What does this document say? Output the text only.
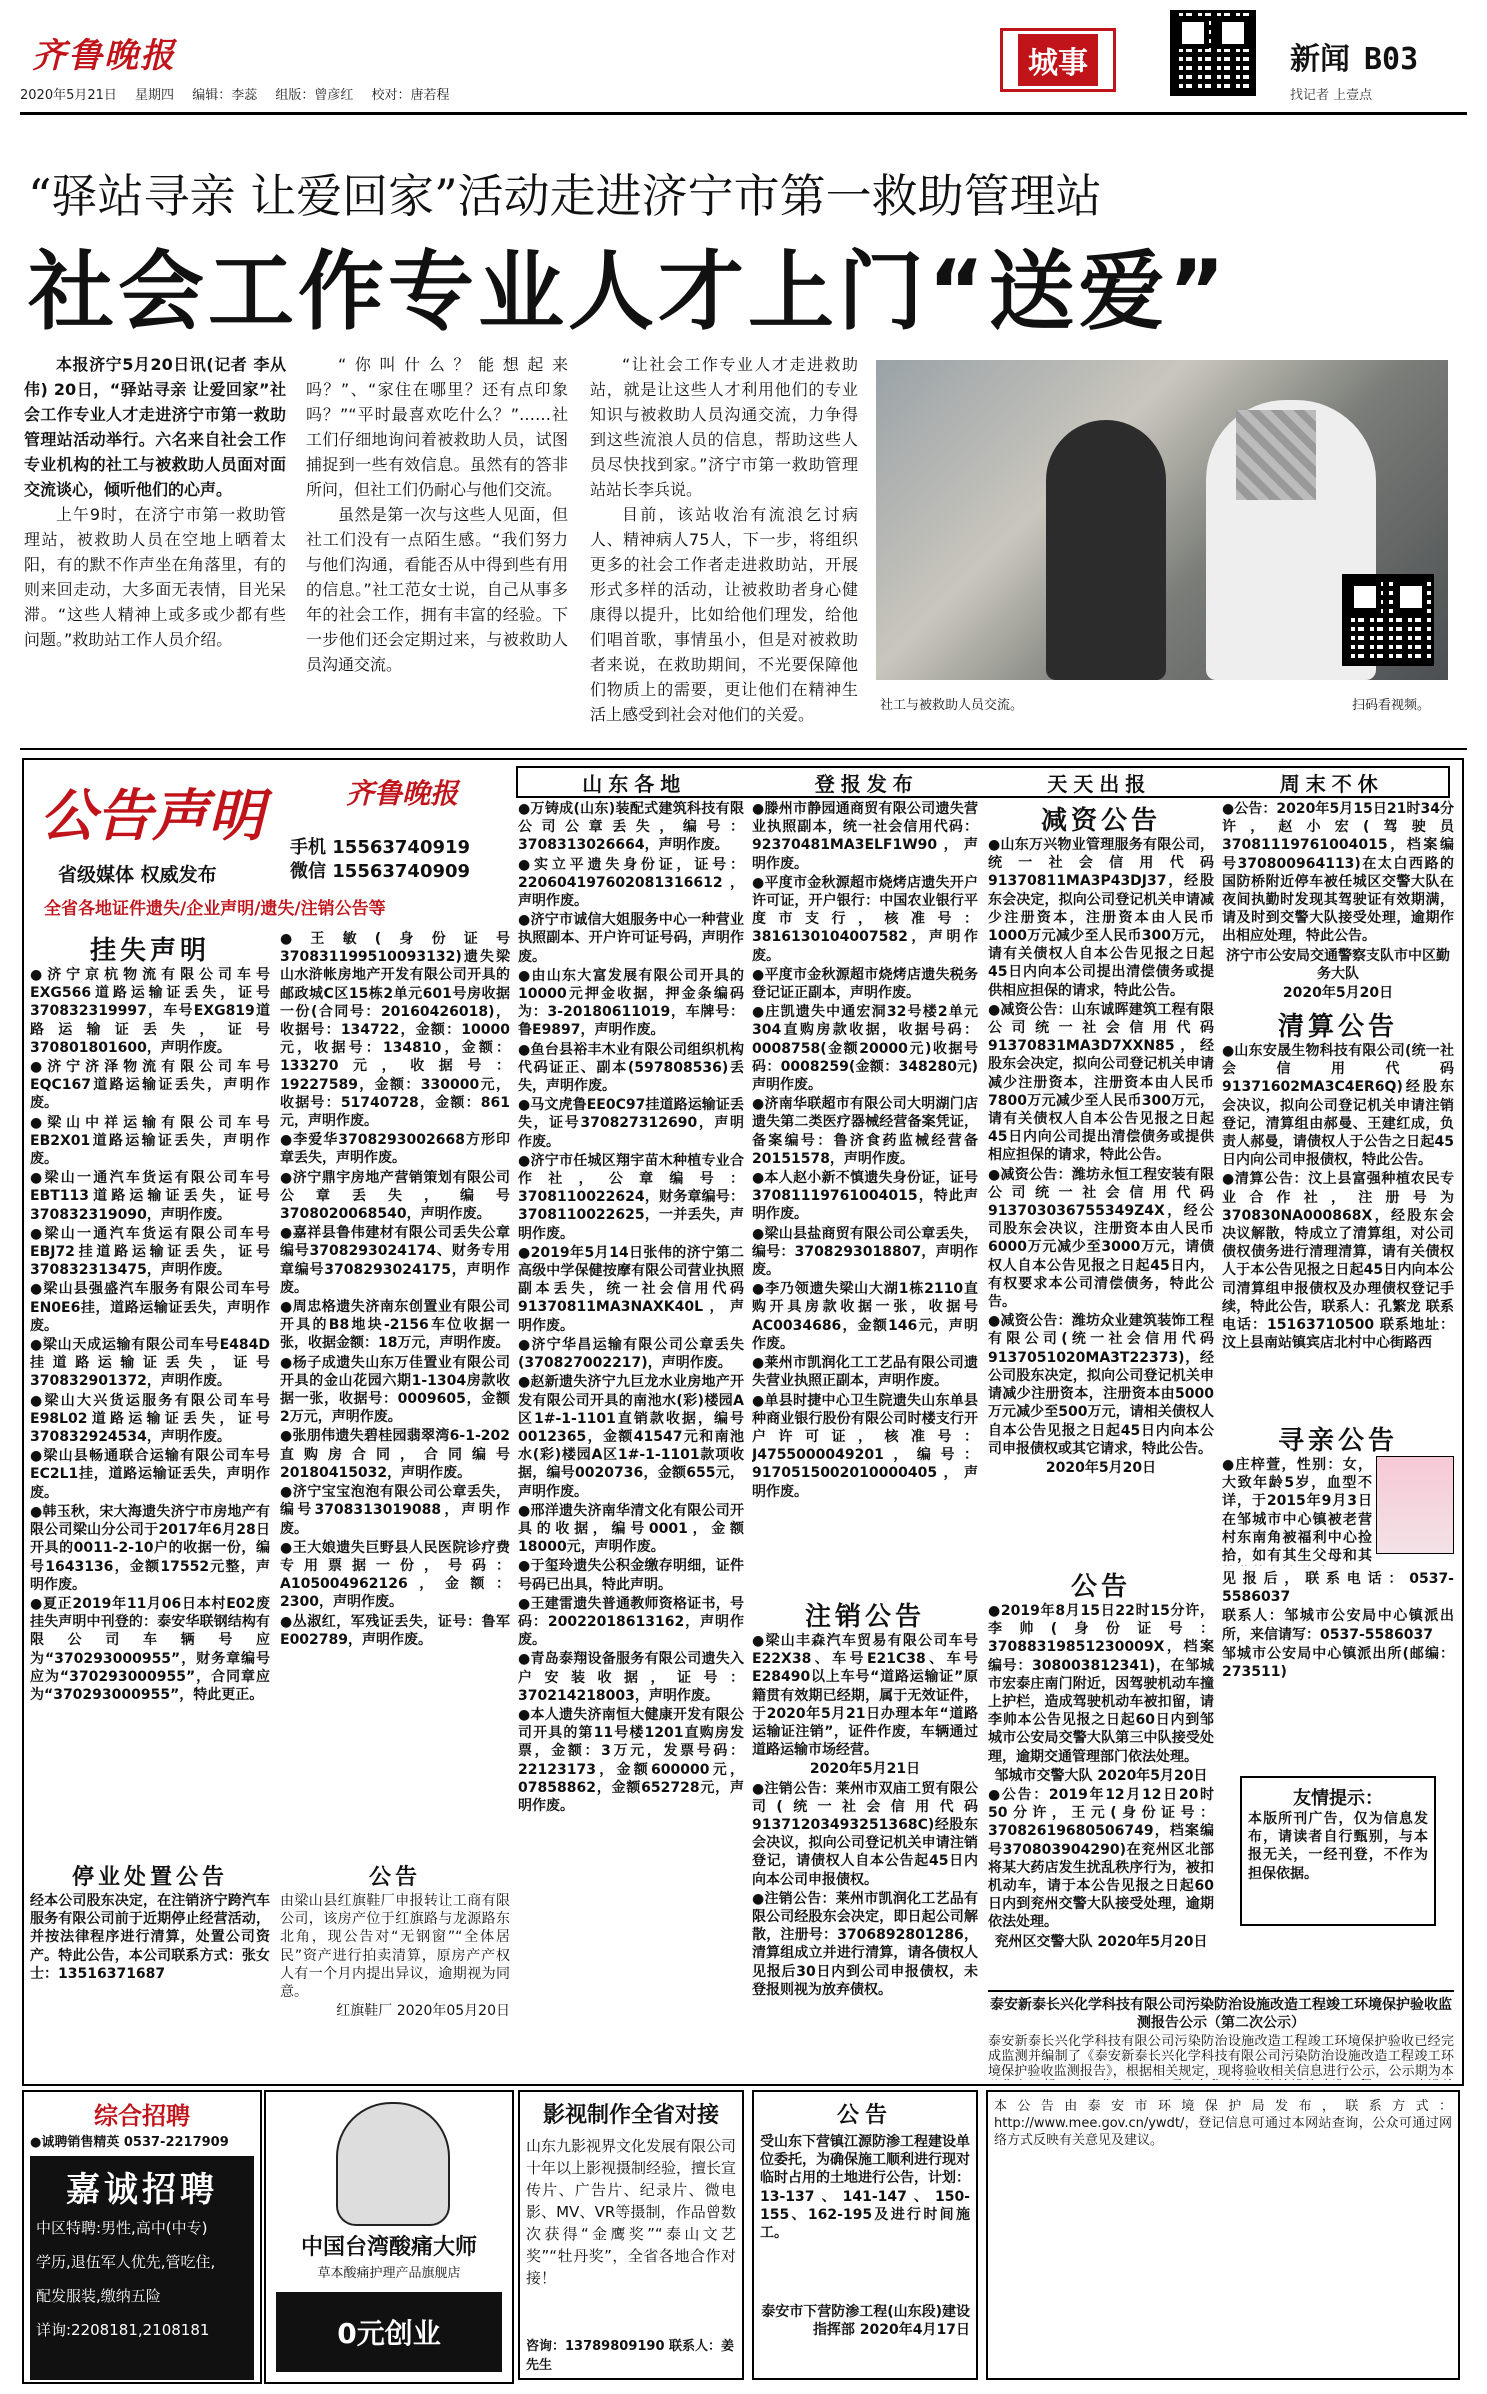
齐鲁晚报
2020年5月21日 星期四 编辑：李蕊 组版：曾彦红 校对：唐若程
城事	新闻 B03
找记者 上壹点
“驿站寻亲 让爱回家”活动走进济宁市第一救助管理站
社会工作专业人才上门“送爱”

本报济宁5月20日讯(记者 李从伟) 20日，“驿站寻亲 让爱回家”社会工作专业人才走进济宁市第一救助管理站活动举行。六名来自社会工作专业机构的社工与被救助人员面对面交流谈心，倾听他们的心声。

上午9时，在济宁市第一救助管理站，被救助人员在空地上晒着太阳，有的默不作声坐在角落里，有的则来回走动，大多面无表情，目光呆滞。“这些人精神上或多或少都有些问题。”救助站工作人员介绍。

“你叫什么？能想起来吗？”、“家住在哪里？还有点印象吗？”“平时最喜欢吃什么？”……社工们仔细地询问着被救助人员，试图捕捉到一些有效信息。虽然有的答非所问，但社工们仍耐心与他们交流。

虽然是第一次与这些人见面，但社工们没有一点陌生感。“我们努力与他们沟通，看能否从中得到些有用的信息。”社工范女士说，自己从事多年的社会工作，拥有丰富的经验。下一步他们还会定期过来，与被救助人员沟通交流。

“让社会工作专业人才走进救助站，就是让这些人才利用他们的专业知识与被救助人员沟通交流，力争得到这些流浪人员的信息，帮助这些人员尽快找到家。”济宁市第一救助管理站站长李兵说。

目前，该站收治有流浪乞讨病人、精神病人75人，下一步，将组织更多的社会工作者走进救助站，开展形式多样的活动，让被救助者身心健康得以提升，比如给他们理发，给他们唱首歌，事情虽小，但是对被救助者来说，在救助期间，不光要保障他们物质上的需要，更让他们在精神生活上感受到社会对他们的关爱。	社工与被救助人员交流。	扫码看视频。
公告声明	齐鲁晚报
手机 15563740919
微信 15563740909
省级媒体 权威发布
全省各地证件遗失/企业声明/遗失/注销公告等
山东各地	登报发布	天天出报	周末不休
挂失声明

●济宁京杭物流有限公司车号EXG566道路运输证丢失，证号370832319997，车号EXG819道路运输证丢失，证号370801801600，声明作废。

●济宁济泽物流有限公司车号EQC167道路运输证丢失，声明作废。

●梁山中祥运输有限公司车号EB2X01道路运输证丢失，声明作废。

●梁山一通汽车货运有限公司车号EBT113道路运输证丢失，证号370832319090，声明作废。

●梁山一通汽车货运有限公司车号EBJ72挂道路运输证丢失，证号370832313475，声明作废。

●梁山县强盛汽车服务有限公司车号EN0E6挂，道路运输证丢失，声明作废。

●梁山天成运输有限公司车号E484D挂道路运输证丢失，证号370832901372，声明作废。

●梁山大兴货运服务有限公司车号E98L02道路运输证丢失，证号370832924534，声明作废。

●梁山县畅通联合运输有限公司车号EC2L1挂，道路运输证丢失，声明作废。

●韩玉秋，宋大海遗失济宁市房地产有限公司梁山分公司于2017年6月28日开具的0011-2-10户的收据一份，编号1643136，金额17552元整，声明作废。

●夏正2019年11月06日本村E02废挂失声明中刊登的：泰安华联钢结构有限公司车辆号应为“370293000955”，财务章编号应为“370293000955”，合同章应为“370293000955”，特此更正。

停业处置公告

经本公司股东决定，在注销济宁跨汽车服务有限公司前于近期停止经营活动，并按法律程序进行清算，处置公司资产。特此公告，本公司联系方式：张女士：13516371687

●王敏(身份证号370831199510093132)遗失梁山水浒帐房地产开发有限公司开具的邮政城C区15栋2单元601号房收据一份(合同号：20160426018)，收据号：134722，金额：10000元，收据号：134810，金额：133270元，收据号：19227589，金额：330000元，收据号：51740728，金额：861元，声明作废。

●李爱华3708293002668方形印章丢失，声明作废。

●济宁鼎宇房地产营销策划有限公司公章丢失，编号3708020068540，声明作废。

●嘉祥县鲁伟建材有限公司丢失公章编号3708293024174、财务专用章编号3708293024175，声明作废。

●周忠格遗失济南东创置业有限公司开具的B8地块-2156车位收据一张，收据金额：18万元，声明作废。

●杨子成遗失山东万佳置业有限公司开具的金山花园六期1-1304房款收据一张，收据号：0009605，金额2万元，声明作废。

●张朋伟遗失碧桂园翡翠湾6-1-202直购房合同，合同编号20180415032，声明作废。

●济宁宝宝泡泡有限公司公章丢失，编号3708313019088，声明作废。

●王大娘遗失巨野县人民医院诊疗费专用票据一份，号码：A105004962126，金额：2300，声明作废。

●丛淑红，军残证丢失，证号：鲁军E002789，声明作废。

公告

由梁山县红旗鞋厂申报转让工商有限公司，该房产位于红旗路与龙源路东北角，现公告对“无钢窗”“全体居民”资产进行拍卖清算，原房产产权人有一个月内提出异议，逾期视为同意。

红旗鞋厂 2020年05月20日

●万铸成(山东)装配式建筑科技有限公司公章丢失，编号：3708313026664，声明作废。

●实立平遗失身份证，证号：220604197602081316612，声明作废。

●济宁市诚信大姐服务中心一种营业执照副本、开户许可证号码，声明作废。

●由山东大富发展有限公司开具的10000元押金收据，押金条编码为：3-20180611019，车牌号：鲁E9897，声明作废。

●鱼台县裕丰木业有限公司组织机构代码证正、副本(597808536)丢失，声明作废。

●马文虎鲁EE0C97挂道路运输证丢失，证号370827312690，声明作废。

●济宁市任城区翔宇苗木种植专业合作社，公章编号：3708110022624，财务章编号：3708110022625，一并丢失，声明作废。

●2019年5月14日张伟的济宁第二高级中学保健按摩有限公司营业执照副本丢失，统一社会信用代码91370811MA3NAXK40L，声明作废。

●济宁华昌运输有限公司公章丢失(370827002217)，声明作废。

●赵新遗失济宁九巨龙水业房地产开发有限公司开具的南池水(彩)楼园A区1#-1-1101直销款收据，编号0012365，金额41547元和南池水(彩)楼园A区1#-1-1101款项收据，编号0020736，金额655元，声明作废。

●邢洋遗失济南华清文化有限公司开具的收据，编号0001，金额18000元，声明作废。

●于玺玲遗失公积金缴存明细，证件号码已出具，特此声明。

●王建雷遗失普通教师资格证书，号码：20022018613162，声明作废。

●青岛泰翔设备服务有限公司遗失入户安装收据，证号：370214218003，声明作废。

●本人遗失济南恒大健康开发有限公司开具的第11号楼1201直购房发票，金额：3万元，发票号码：22123173，金额600000元，07858862，金额652728元，声明作废。

●滕州市静园通商贸有限公司遗失营业执照副本，统一社会信用代码：92370481MA3ELF1W90，声明作废。

●平度市金秋源超市烧烤店遗失开户许可证，开户银行：中国农业银行平度市支行，核准号：3816130104007582，声明作废。

●平度市金秋源超市烧烤店遗失税务登记证正副本，声明作废。

●庄凯遗失中通宏洞32号楼2单元304直购房款收据，收据号码：0008758(金额20000元)收据号码：0008259(金额：348280元)声明作废。

●济南华联超市有限公司大明湖门店遗失第二类医疗器械经营备案凭证，备案编号：鲁济食药监械经营备20151578，声明作废。

●本人赵小新不慎遗失身份证，证号37081119761004015，特此声明作废。

●梁山县盐商贸有限公司公章丢失，编号：3708293018807，声明作废。

●李乃领遗失梁山大湖1栋2110直购开具房款收据一张，收据号AC0034686，金额146元，声明作废。

●莱州市凯润化工工艺品有限公司遗失营业执照正副本，声明作废。

●单县时捷中心卫生院遗失山东单县种商业银行股份有限公司时楼支行开户许可证，核准号：J4755000049201，编号：9170515002010000405，声明作废。

注销公告

●梁山丰森汽车贸易有限公司车号E22X38、车号E21C38、车号E28490以上车号“道路运输证”原籍贯有效期已经期，属于无效证件，于2020年5月21日办理本年“道路运输证注销”，证件作废，车辆通过道路运输市场经营。

2020年5月21日

●注销公告：莱州市双庙工贸有限公司(统一社会信用代码91371203493251368C)经股东会决议，拟向公司登记机关申请注销登记，请债权人自本公告起45日内向本公司申报债权。

●注销公告：莱州市凯润化工艺品有限公司经股东会决定，即日起公司解散，注册号：3706892801286，清算组成立并进行清算，请各债权人见报后30日内到公司申报债权，未登报则视为放弃债权。

减资公告

●山东万兴物业管理服务有限公司，统一社会信用代码91370811MA3P43DJ37，经股东会决定，拟向公司登记机关申请减少注册资本，注册资本由人民币1000万元减少至人民币300万元，请有关债权人自本公告见报之日起45日内向本公司提出清偿债务或提供相应担保的请求，特此公告。

●减资公告：山东诚晖建筑工程有限公司统一社会信用代码91370831MA3D7XXN85，经股东会决定，拟向公司登记机关申请减少注册资本，注册资本由人民币7800万元减少至人民币300万元，请有关债权人自本公告见报之日起45日内向公司提出清偿债务或提供相应担保的请求，特此公告。

●减资公告：潍坊永恒工程安装有限公司统一社会信用代码913703036755349Z4X，经公司股东会决议，注册资本由人民币6000万元减少至3000万元，请债权人自本公告见报之日起45日内，有权要求本公司清偿债务，特此公告。

●减资公告：潍坊众业建筑装饰工程有限公司(统一社会信用代码9137051020MA3T22373)，经公司股东决定，拟向公司登记机关申请减少注册资本，注册资本由5000万元减少至500万元，请相关债权人自本公告见报之日起45日内向本公司申报债权或其它请求，特此公告。

2020年5月20日

公告

●2019年8月15日22时15分许，李帅(身份证号：37088319851230009X，档案编号：308003812341)，在邹城市宏泰庄南门附近，因驾驶机动车撞上护栏，造成驾驶机动车被扣留，请李帅本公告见报之日起60日内到邹城市公安局交警大队第三中队接受处理，逾期交通管理部门依法处理。

邹城市交警大队 2020年5月20日

●公告：2019年12月12日20时50分许，王元(身份证号：37082619680506749，档案编号370803904290)在兖州区北部将某大药店发生扰乱秩序行为，被扣机动车，请于本公告见报之日起60日内到兖州交警大队接受处理，逾期依法处理。

兖州区交警大队 2020年5月20日

●公告：2020年5月15日21时34分许，赵小宏(驾驶员37081119761004015，档案编号370800964113)在太白西路的国防桥附近停车被任城区交警大队在夜间执勤时发现其驾驶证有效期满，请及时到交警大队接受处理，逾期作出相应处理，特此公告。

济宁市公安局交通警察支队市中区勤务大队

2020年5月20日

清算公告

●山东安晟生物科技有限公司(统一社会信用代码91371602MA3C4ER6Q)经股东会决议，拟向公司登记机关申请注销登记，清算组由郝曼、王建红成，负责人郝曼，请债权人于公告之日起45日内向公司申报债权，特此公告。

●清算公告：汶上县富强种植农民专业合作社，注册号为370830NA000868X，经股东会决议解散，特成立了清算组，对公司债权债务进行清理清算，请有关债权人于本公告见报之日起45日内向本公司清算组申报债权及办理债权登记手续，特此公告，联系人：孔繁龙 联系电话：15163710500 联系地址：汶上县南站镇宾店北村中心街路西

寻亲公告

●庄梓萱，性别：女，大致年龄5岁，血型不详，于2015年9月3日在邹城市中心镇被老营村东南角被福利中心捡拾，如有其生父母和其

见报后，联系电话：0537-5586037

联系人：邹城市公安局中心镇派出所，来信请写：0537-5586037

邹城市公安局中心镇派出所(邮编：273511)

友情提示：
本版所刊广告，仅为信息发布，请读者自行甄别，与本报无关，一经刊登，不作为担保依据。
泰安新泰长兴化学科技有限公司污染防治设施改造工程竣工环境保护验收监测报告公示（第二次公示）
泰安新泰长兴化学科技有限公司污染防治设施改造工程竣工环境保护验收已经完成监测并编制了《泰安新泰长兴化学科技有限公司污染防治设施改造工程竣工环境保护验收监测报告》，根据相关规定，现将验收相关信息进行公示，公示期为本
综合招聘
●诚聘销售精英 0537-2217909
嘉诚招聘
中区特聘:男性,高中(中专)
学历,退伍军人优先,管吃住,
配发服装,缴纳五险
详询:2208181,2108181
中国台湾酸痛大师
草本酸痛护理产品旗舰店
0元创业
影视制作全省对接
山东九影视界文化发展有限公司十年以上影视摄制经验，擅长宣传片、广告片、纪录片、微电影、MV、VR等摄制，作品曾数次获得“金鹰奖”“泰山文艺奖”“牡丹奖”，全省各地合作对接！
咨询：13789809190 联系人：姜先生
公告
受山东下营镇江源防渗工程建设单位委托，为确保施工顺利进行现对临时占用的土地进行公告，计划：13-137、141-147、150-155、162-195及进行时间施工。
泰安市下营防渗工程(山东段)建设指挥部 2020年4月17日
本公告由泰安市环境保护局发布，联系方式：http://www.mee.gov.cn/ywdt/，登记信息可通过本网站查询，公众可通过网络方式反映有关意见及建议。
